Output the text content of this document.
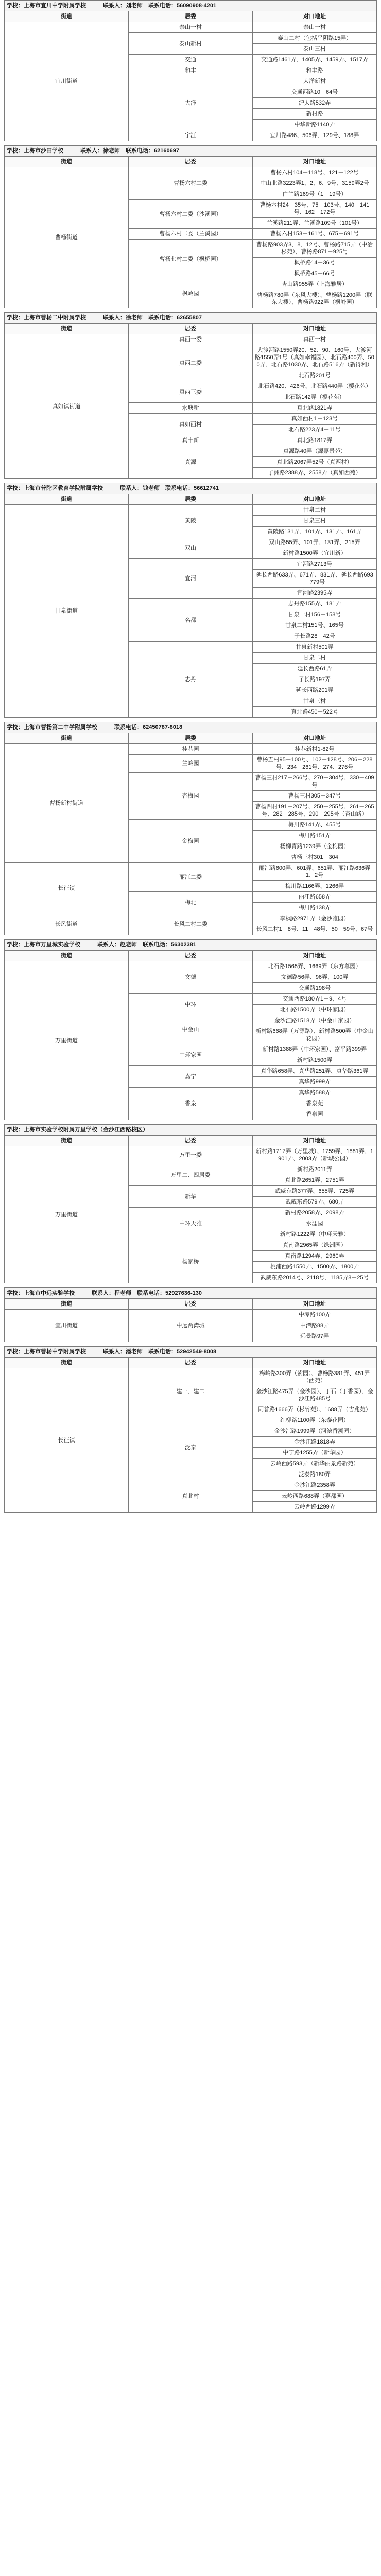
学校：上海市宜川中学附属学校　　　联系人：刘老师　联系电话：56090908-4201		
街道	居委	对口地址
宜川街道	泰山一村	泰山一村
	泰山新村	泰山二村（包括平阴路15弄）
		泰山三村
	交通	交通路1461弄、1405弄、1459弄、1517弄
	和丰	和丰路
	大洋	大洋新村
		交通西路10－64号
		沪太路532弄
		新村路
		中华新路1140弄
	宇江	宜川路486、506弄、129号、188弄
学校：上海市沙田学校　　　联系人：徐老师　联系电话：62160697		
街道	居委	对口地址
曹杨街道	曹杨六村二委	曹杨六村104－118号、121－122号
		中山北路3223弄1、2、6、9号、3159弄2号
		白兰路169号（1－19号）
	曹杨六村二委（沙溪园）	曹杨六村24－35号、75－103号、140－141号、162－172号
		兰溪路211弄、兰溪路109号（101号）
	曹杨六村二委（兰溪园）	曹杨六村153－161号、675－691号
	曹杨七村二委（枫桥园）	曹杨路903弄3、8、12号、曹杨路715弄（中冶杉苑）、曹杨路871－925号
		枫桥路14－36号
		枫桥路45－66号
	枫岭园	杏山路955弄（上海雅居）
		曹杨路780弄（东风大楼）、曹杨路1200弄（联东大楼）、曹杨路922弄（枫岭园）
学校：上海市曹杨二中附属学校　　　联系人：徐老师　联系电话：62655807		
街道	居委	对口地址
真如镇街道	真西一委	真西一村
	真西二委	大渡河路1550弄20、52、90、160号、大渡河路1550弄1号（真如幸福园）、北石路400弄、500弄、北石路1030弄、北石路516弄（新得利）
		北石路201号
	真西三委	北石路420、426号、北石路440弄（樱花苑）
		北石路142弄（樱花苑）
	水塘新	真北路1821弄
	真如西村	真如西村1－123号
		北石路223弄4－11号
	真十新	真北路1817弄
	真源	真源路40弄（源嘉景苑）
		真北路2067弄52号（真西村）
		子洲路2388弄、2558弄（真如西苑）
学校：上海市普陀区教育学院附属学校　　　联系人：钱老师　联系电话：56612741		
街道	居委	对口地址
甘泉街道	黄陵	甘泉二村
		甘泉三村
		黄陵路131弄、101弄、131弄、161弄
	双山	双山路55弄、101弄、131弄、215弄
		新村路1500弄（宜川新）
	宜河	宜河路2713号
		延长西路633弄、671弄、831弄、延长西路693－779号
		宜河路2395弄
	名都	志丹路155弄、181弄
		甘泉一村156－158号
		甘泉二村151号、165号
		子长路28－42号
	志丹	甘泉新村501弄
		甘泉二村
		延长西路61弄
		子长路197弄
		延长西路201弄
		甘泉三村
		真北路450－522号
学校：上海市曹杨第二中学附属学校　　　联系电话：62450787-8018		
街道	居委	对口地址
曹杨新村街道	桂巷园	桂巷新村1-82号
	兰岭园	曹杨五村95－100号、102－128号、206－228号、234－261号、274、276号
	杏梅园	曹杨三村217－266号、270－304号、330－409号
		曹杨三村305－347号
		曹杨四村191－207号、250－255号、261－265号、282－285号、290－295号（杏山路）
	金梅园	梅川路141弄、455号
		梅川路151弄
		杨柳青路1239弄（金梅园）
		曹杨三村301－304
长征镇	丽江二委	丽江路600弄、601弄、651弄、丽江路636弄1、2号
		梅川路1166弄、1266弄
	梅北	丽江路658弄
		梅川路138弄
长风街道	长风二村二委	李枫路2971弄（金沙雅园）
		长风二村1－8号、11－48号、50－59号、67号
学校：上海市万里城实验学校　　　联系人：赵老师　联系电话：56302381		
街道	居委	对口地址
万里街道	文德	北石路1565弄、1669弄（东方尊园）
		文德路56弄、96弄、100弄
		交通路198号
	中环	交通西路180弄1－9、4号
		北石路1500弄（中环家园）
	中金山	金沙江路1518弄（中金山家园）
		新村路668弄（万源路）、新村路500弄（中金山花园）
	中环家园	新村路1388弄（中环家园）、富平路399弄
		新村路1500弄
	嘉宁	真华路658弄、真华路251弄、真华路361弄
		真华路999弄
	香泉	真华路588弄
		香泉苑
		香泉园
学校：上海市实验学校附属万里学校（金沙江西路校区）		
街道	居委	对口地址
万里街道	万里一委	新村路1717弄（万里城）、1759弄、1881弄、1901弄、2003弄（新城公园）
	万里二、四居委	新村路2011弄
		真北路2651弄、2751弄
	新华	武威东路377弄、655弄、725弄
		武威东路579弄、680弄
	中环天雅	新村路2058弄、2098弄
		水涯园
		新村路1222弄（中环天雅）
	杨家桥	真南路2965弄（绿洲园）
		真南路1294弄、2960弄
		桃浦西路1550弄、1500弄、1800弄
		武威东路2014号、2118号、1185弄8－25号
学校：上海市中远实验学校　　　联系人：程老师　联系电话：52927636-130		
街道	居委	对口地址
宜川街道	中远两湾城	中潭路100弄
		中潭路88弄
		远景路97弄
学校：上海市曹杨中学附属学校　　　联系人：潘老师　联系电话：52942549-8008		
街道	居委	对口地址
长征镇	建一、建二	梅岭路300弄（紫园）、曹杨路381弄、451弄（西苑）
		金沙江路475弄（金沙园）、丁石（丁香园）、金沙江路485号
		同普路1666弄（杉竹苑）、1688弄（吉兆苑）
	泛泰	红柳路1100弄（东泰花园）
		金沙江路1999弄（河滨香溯园）
		金沙江路1818弄
		中宁路1255弄（新华园）
		云岭西路593弄（新华丽景路新苑）
		泛泰路180弄
	真北村	金沙江路2358弄
		云岭西路688弄（嘉都园）
		云岭西路1299弄
